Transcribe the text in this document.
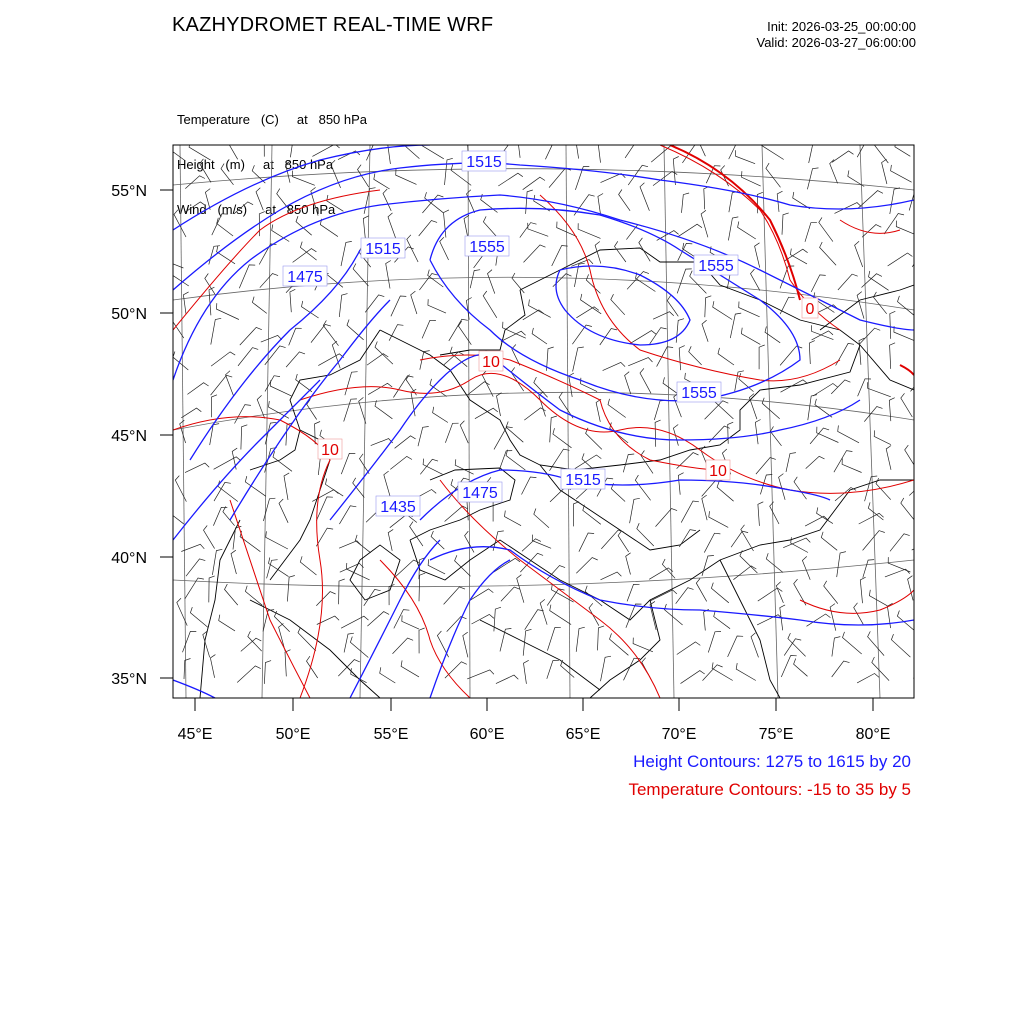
KAZHYDROMET REAL-TIME WRF	Init: 2026-03-25_00:00:00
Valid: 2026-03-27_06:00:00

Temperature   (C)     at   850 hPa

Height   (m)     at   850 hPa

Wind   (m/s)     at   850 hPa

55°N
50°N
45°N
40°N
35°N
45°E	50°E	55°E	60°E	65°E	70°E	75°E	80°E
1515
1515	1555
1475
1555
1555
1515
1475
1435
10
10
10
0
Height Contours: 1275 to 1615 by 20
Temperature Contours: -15 to 35 by 5
